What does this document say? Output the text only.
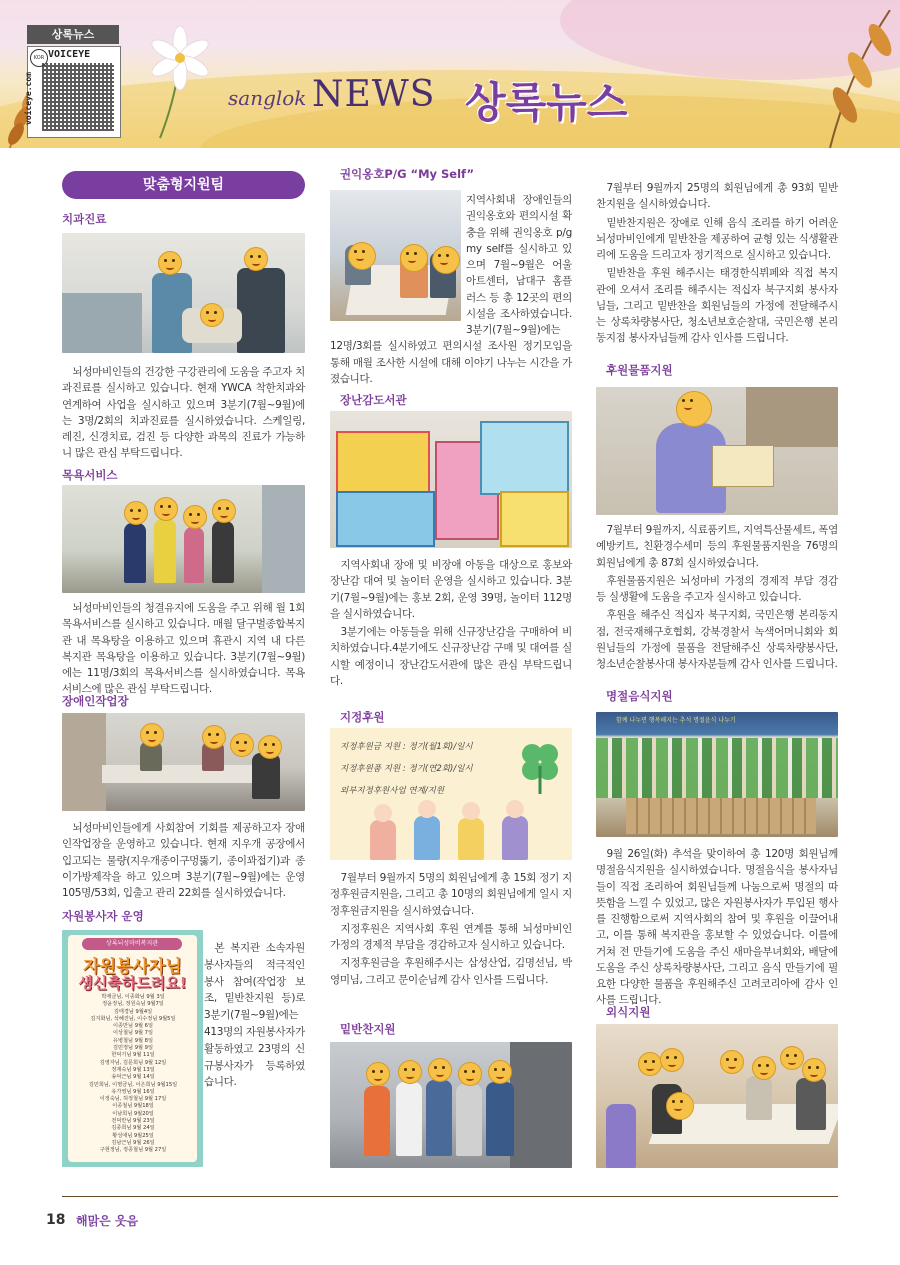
상록뉴스
KOR VOICEYE
voiceye.com	sanglok NEWS 상록뉴스
맞춤형지원팀

치과진료

뇌성마비인들의 건강한 구강관리에 도움을 주고자 치과진료를 실시하고 있습니다. 현재 YWCA 착한치과와 연계하여 사업을 실시하고 있으며 3분기(7월~9월)에는 3명/2회의 치과진료를 실시하였습니다. 스케일링, 레진, 신경치료, 검진 등 다양한 과목의 진료가 가능하니 많은 관심 부탁드립니다.

목욕서비스

뇌성마비인들의 청결유지에 도움을 주고 위해 월 1회 목욕서비스를 실시하고 있습니다. 매월 달구벌종합복지관 내 목욕탕을 이용하고 있으며 휴관시 지역 내 다른 복지관 목욕탕을 이용하고 있습니다. 3분기(7월~9월)에는 11명/3회의 목욕서비스를 실시하였습니다. 목욕서비스에 많은 관심 부탁드립니다.

장애인작업장

뇌성마비인들에게 사회참여 기회를 제공하고자 장애인작업장을 운영하고 있습니다. 현재 지우개 공장에서 입고되는 물량(지우개종이구멍뚫기, 종이꽈접기)과 종이가방제작을 하고 있으며 3분기(7월~9월)에는 운영 105명/53회, 입출고 관리 22회를 실시하였습니다.

자원봉사자 운영

상록뇌성마비복지관
자원봉사자님
생신축하드려요!
박재금님, 이종화님 9월 3일
정윤정님, 정원숙님 9월7일
김태경님 9월4일
김지화님, 석혜진님, 이수정님 9월5일
이종만님 9월 6일
이상철님 9월 7일
유병철님 9월 8일
김민정님 9월 9일
한덕기님 9월 11일
김영자님, 김문희님 9월 12일
정재숙님 9월 13일
송덕근님 9월 14일
김민희님, 이명금님, 이은희님 9월15일
유가영님 9월 16일
이정숙님, 허정철님 9월 17일
이종철님 9월18일
이남희님 9월20일
전덕란님 9월 23일
김종희님 9월 24일
황성애님 9월25일
김남근님 9월 26일
구현정님, 정종철님 9월 27일

본 복지관 소속자원봉사자들의 적극적인 봉사 참여(작업장 보조, 밑반찬지원 등)로 3분기(7월~9월)에는 413명의 자원봉사자가 활동하였고 23명의 신규봉사자가 등록하였습니다.

권익옹호P/G “My Self”

지역사회내 장애인들의 권익옹호와 편의시설 확충을 위해 권익옹호 p/g my self를 실시하고 있으며 7월~9월은 어울아트센터, 남대구 홈플러스 등 총 12곳의 편의시설을 조사하였습니다. 3분기(7월~9월)에는 12명/3회를 실시하였고 편의시설 조사원 정기모임을 통해 매월 조사한 시설에 대해 이야기 나누는 시간을 가졌습니다.

장난감도서관

지역사회내 장애 및 비장애 아동을 대상으로 홍보와 장난감 대여 및 놀이터 운영을 실시하고 있습니다. 3분기(7월~9월)에는 홍보 2회, 운영 39명, 놀이터 112명을 실시하였습니다.

3분기에는 아동들을 위해 신규장난감을 구매하여 비치하였습니다.4분기에도 신규장난감 구매 및 대여를 실시할 예정이니 장난감도서관에 많은 관심 부탁드립니다.

지정후원

지정후원금 지원 : 정기(월1회)/일시
지정후원품 지원 : 정기(연2회)/일시
외부지정후원사업 연계/지원

7월부터 9월까지 5명의 회원님에게 총 15회 정기 지정후원금지원을, 그리고 총 10명의 회원님에게 일시 지정후원금지원을 실시하였습니다.

지정후원은 지역사회 후원 연계를 통해 뇌성마비인 가정의 경제적 부담을 경감하고자 실시하고 있습니다.

지정후원금을 후원해주시는 삼성산업, 김명선님, 박영미님, 그리고 문이순님께 감사 인사를 드립니다.

밑반찬지원

7월부터 9월까지 25명의 회원님에게 총 93회 밑반찬지원을 실시하였습니다.

밑반찬지원은 장애로 인해 음식 조리를 하기 어려운 뇌성마비인에게 밑반찬을 제공하여 균형 있는 식생활관리에 도움을 드리고자 정기적으로 실시하고 있습니다.

밑반찬을 후원 해주시는 태경한식뷔페와 직접 복지관에 오셔서 조리를 해주시는 적십자 북구지회 봉사자님들, 그리고 밑반찬을 회원님들의 가정에 전달해주시는 상록차량봉사단, 청소년보호순찰대, 국민은행 본리동지점 봉사자님들께 감사 인사를 드립니다.

후원물품지원

7월부터 9월까지, 식료품키트, 지역특산물세트, 폭염예방키트, 친환경수세미 등의 후원물품지원을 76명의 회원님에게 총 87회 실시하였습니다.

후원물품지원은 뇌성마비 가정의 경제적 부담 경감 등 실생활에 도움을 주고자 실시하고 있습니다.

후원을 해주신 적십자 북구지회, 국민은행 본리동지점, 전국재해구호협회, 강북경찰서 녹색어머니회와 회원님들의 가정에 물품을 전달해주신 상록차량봉사단, 청소년순찰봉사대 봉사자분들께 감사 인사를 드립니다.

명절음식지원

함께 나누면 행복해지는 추석 명절음식 나누기

9월 26일(화) 추석을 맞이하여 총 120명 회원님께 명절음식지원을 실시하였습니다. 명절음식을 봉사자님들이 직접 조리하여 회원님들께 나눔으로써 명절의 따뜻함을 느낄 수 있었고, 많은 자원봉사자가 투입된 행사를 진행함으로써 지역사회의 참여 및 후원을 이끌어내고, 이를 통해 복지관을 홍보할 수 있었습니다. 이를에 거쳐 전 만들기에 도움을 주신 새마을부녀회와, 배달에 도움을 주신 상록차량봉사단, 그리고 음식 만들기에 필요한 다양한 물품을 후원해주신 고려코리아에 감사 인사를 드립니다.

외식지원

18 해맑은 웃음
